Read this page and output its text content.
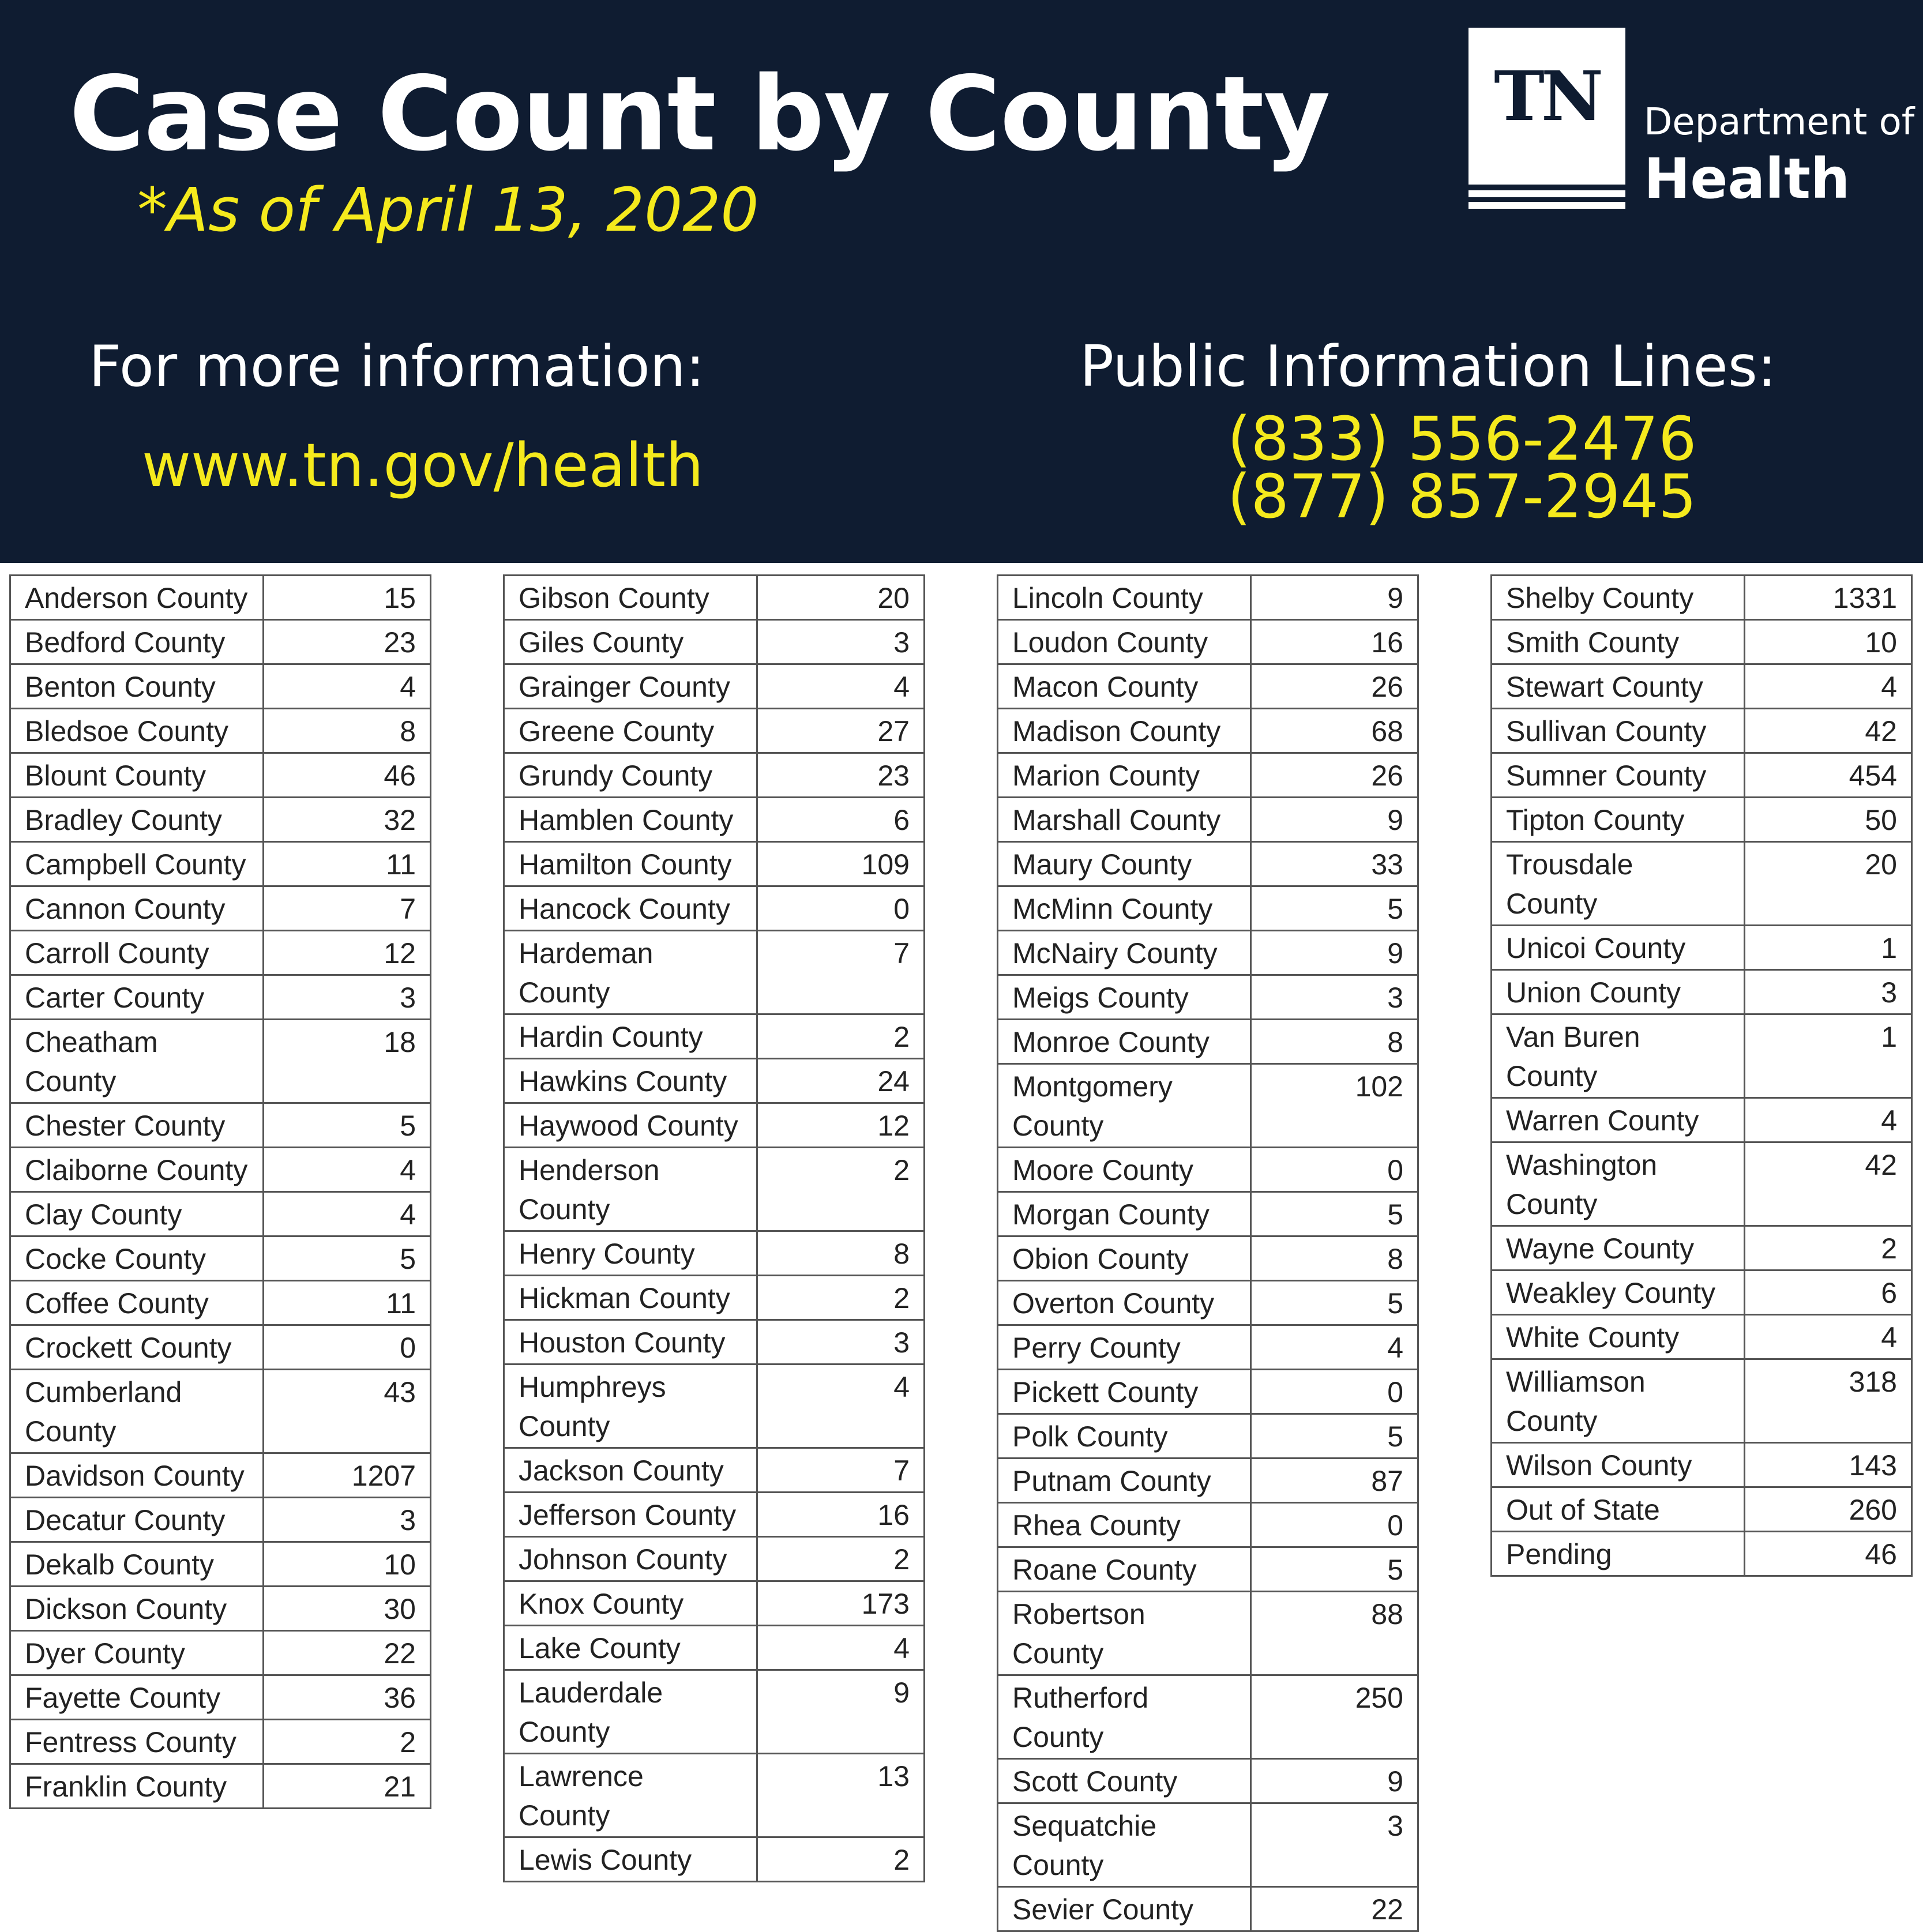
Case Count by County
*As of April 13, 2020
For more information:
www.tn.gov/health
Public Information Lines:
(833) 556-2476
(877) 857-2945
TN	Department of
Health
Anderson County	15
Bedford County	23
Benton County	4
Bledsoe County	8
Blount County	46
Bradley County	32
Campbell County	11
Cannon County	7
Carroll County	12
Carter County	3
Cheatham County	18
Chester County	5
Claiborne County	4
Clay County	4
Cocke County	5
Coffee County	11
Crockett County	0
Cumberland County	43
Davidson County	1207
Decatur County	3
Dekalb County	10
Dickson County	30
Dyer County	22
Fayette County	36
Fentress County	2
Franklin County	21
Gibson County	20
Giles County	3
Grainger County	4
Greene County	27
Grundy County	23
Hamblen County	6
Hamilton County	109
Hancock County	0
Hardeman County	7
Hardin County	2
Hawkins County	24
Haywood County	12
Henderson County	2
Henry County	8
Hickman County	2
Houston County	3
Humphreys County	4
Jackson County	7
Jefferson County	16
Johnson County	2
Knox County	173
Lake County	4
Lauderdale County	9
Lawrence County	13
Lewis County	2
Lincoln County	9
Loudon County	16
Macon County	26
Madison County	68
Marion County	26
Marshall County	9
Maury County	33
McMinn County	5
McNairy County	9
Meigs County	3
Monroe County	8
Montgomery County	102
Moore County	0
Morgan County	5
Obion County	8
Overton County	5
Perry County	4
Pickett County	0
Polk County	5
Putnam County	87
Rhea County	0
Roane County	5
Robertson County	88
Rutherford County	250
Scott County	9
Sequatchie County	3
Sevier County	22
Shelby County	1331
Smith County	10
Stewart County	4
Sullivan County	42
Sumner County	454
Tipton County	50
Trousdale County	20
Unicoi County	1
Union County	3
Van Buren County	1
Warren County	4
Washington County	42
Wayne County	2
Weakley County	6
White County	4
Williamson County	318
Wilson County	143
Out of State	260
Pending	46
